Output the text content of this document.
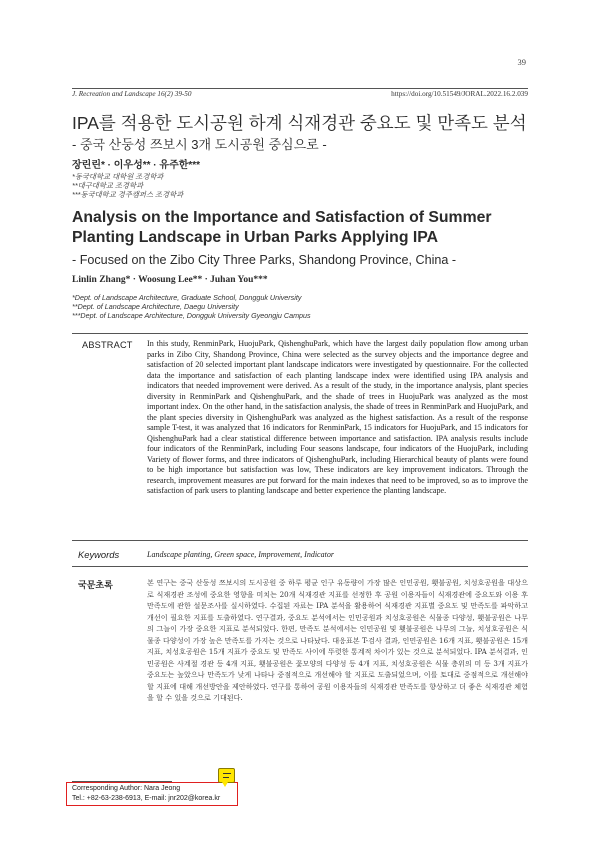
39
J. Recreation and Landscape 16(2) 39-50	https://doi.org/10.51549/JORAL.2022.16.2.039
IPA를 적용한 도시공원 하계 식재경관 중요도 및 만족도 분석
- 중국 산둥성 쯔보시 3개 도시공원 중심으로 -
장린린* · 이우성** · 유주한***
*동국대학교 대학원 조경학과
**대구대학교 조경학과
***동국대학교 경주캠퍼스 조경학과
Analysis on the Importance and Satisfaction of Summer Planting Landscape in Urban Parks Applying IPA
- Focused on the Zibo City Three Parks, Shandong Province, China -
Linlin Zhang* · Woosung Lee** · Juhan You***
*Dept. of Landscape Architecture, Graduate School, Dongguk University
**Dept. of Landscape Architecture, Daegu University
***Dept. of Landscape Architecture, Dongguk University Gyeongju Campus
ABSTRACT In this study, RenminPark, HuojuPark, QishenghuPark, which have the largest daily population flow among urban parks in Zibo City, Shandong Province, China were selected as the survey objects and the importance degree and satisfaction of 20 selected important plant landscape indicators were investigated by questionnaire. For the collected data the importance and satisfaction of each planting landscape index were identified using IPA analysis and indicators that needed improvement were derived. As a result of the study, in the importance analysis, plant species diversity in RenminPark and QishenghuPark, and the shade of trees in HuojuPark was analyzed as the most important index. On the other hand, in the satisfaction analysis, the shade of trees in RenminPark and HuojuPark, and the plant species diversity in QishenghuPark was analyzed as the highest satisfaction. As a result of the response sample T-test, it was analyzed that 16 indicators for RenminPark, 15 indicators for HuojuPark, and 15 indicators for QishenghuPark had a clear statistical difference between importance and satisfaction. IPA analysis results include four indicators of the RenminPark, including Four seasons landscape, four indicators of the HuojuPark, including Variety of flower forms, and three indicators of QishenghuPark, including Hierarchical beauty of plants were found to be high importance but satisfaction was low, These indicators are key improvement indicators. Through the research, improvement measures are put forward for the main indexes that need to be improved, so as to improve the satisfaction of park users to planting landscape and better experience the planting landscape.

Keywords	Landscape planting, Green space, Improvement, Indicator
국문초록	본 연구는 중국 산둥성 쯔보시의 도시공원 중 하루 평균 인구 유동량이 가장 많은 인민공원, 횃불공원, 치성호공원을 대상으로 식재경관 조성에 중요한 영향을 미치는 20개 식재경관 지표를 선정한 후 공원 이용자들이 식재경관에 중요도와 이용 후 만족도에 관한 설문조사를 실시하였다. 수집된 자료는 IPA 분석을 활용하여 식재경관 지표별 중요도 및 만족도를 파악하고 개선이 필요한 지표를 도출하였다. 연구결과, 중요도 분석에서는 인민공원과 치성호공원은 식물종 다양성, 횃불공원은 나무의 그늘이 가장 중요한 지표로 분석되었다. 한편, 만족도 분석에서는 인민공원 및 횃불공원은 나무의 그늘, 치성호공원은 식물종 다양성이 가장 높은 만족도를 가지는 것으로 나타났다. 대응표본 T-검사 결과, 인민공원은 16개 지표, 횃불공원은 15개 지표, 치성호공원은 15개 지표가 중요도 및 만족도 사이에 뚜렷한 통계적 차이가 있는 것으로 분석되었다. IPA 분석결과, 인민공원은 사계절 경관 등 4개 지표, 횃불공원은 꽃모양의 다양성 등 4개 지표, 치성호공원은 식물 층위의 미 등 3개 지표가 중요도는 높았으나 만족도가 낮게 나타나 중점적으로 개선해야 할 지표로 도출되었으며, 이를 토대로 중점적으로 개선해야 할 지표에 대해 개선방안을 제안하였다. 연구를 통하여 공원 이용자들의 식재경관 만족도를 향상하고 더 좋은 식재경관 체험을 할 수 있을 것으로 기대된다.

Corresponding Author: Nara Jeong
Tel.: +82-63-238-6913, E-mail: jnr202@korea.kr
